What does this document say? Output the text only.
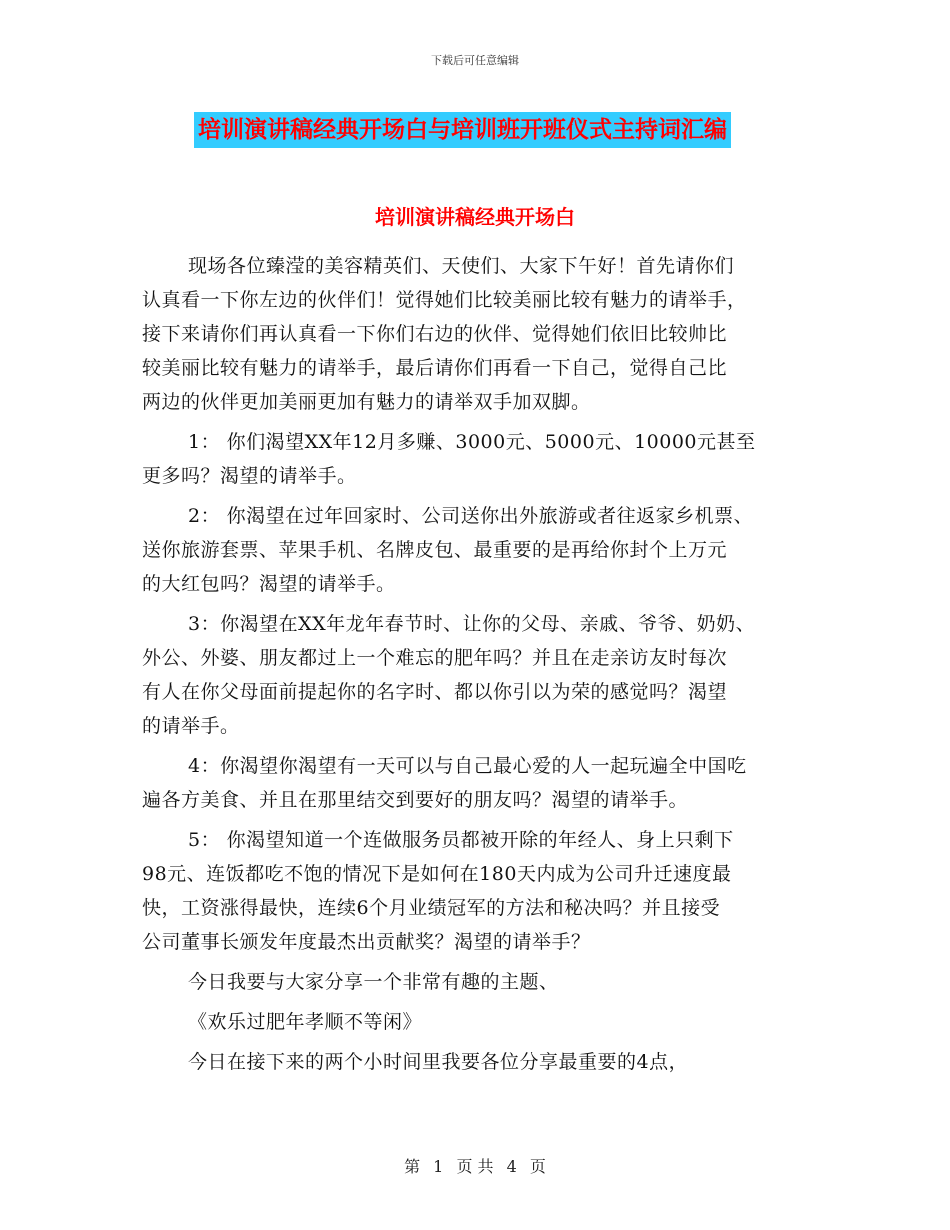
下载后可任意编辑
培训演讲稿经典开场白与培训班开班仪式主持词汇编
培训演讲稿经典开场白
现场各位臻滢的美容精英们、天使们、大家下午好！首先请你们
认真看一下你左边的伙伴们！觉得她们比较美丽比较有魅力的请举手，
接下来请你们再认真看一下你们右边的伙伴、觉得她们依旧比较帅比
较美丽比较有魅力的请举手，最后请你们再看一下自己，觉得自己比
两边的伙伴更加美丽更加有魅力的请举双手加双脚。
1： 你们渴望XX年12月多赚、3000元、5000元、10000元甚至
更多吗？渴望的请举手。
2： 你渴望在过年回家时、公司送你出外旅游或者往返家乡机票、
送你旅游套票、苹果手机、名牌皮包、最重要的是再给你封个上万元
的大红包吗？渴望的请举手。
3：你渴望在XX年龙年春节时、让你的父母、亲戚、爷爷、奶奶、
外公、外婆、朋友都过上一个难忘的肥年吗？并且在走亲访友时每次
有人在你父母面前提起你的名字时、都以你引以为荣的感觉吗？渴望
的请举手。
4：你渴望你渴望有一天可以与自己最心爱的人一起玩遍全中国吃
遍各方美食、并且在那里结交到要好的朋友吗？渴望的请举手。
5： 你渴望知道一个连做服务员都被开除的年经人、身上只剩下
98元、连饭都吃不饱的情况下是如何在180天内成为公司升迁速度最
快，工资涨得最快，连续6个月业绩冠军的方法和秘决吗？并且接受
公司董事长颁发年度最杰出贡献奖？渴望的请举手？
今日我要与大家分享一个非常有趣的主题、
《欢乐过肥年孝顺不等闲》
今日在接下来的两个小时间里我要各位分享最重要的4点，
第 1 页 共 4 页
